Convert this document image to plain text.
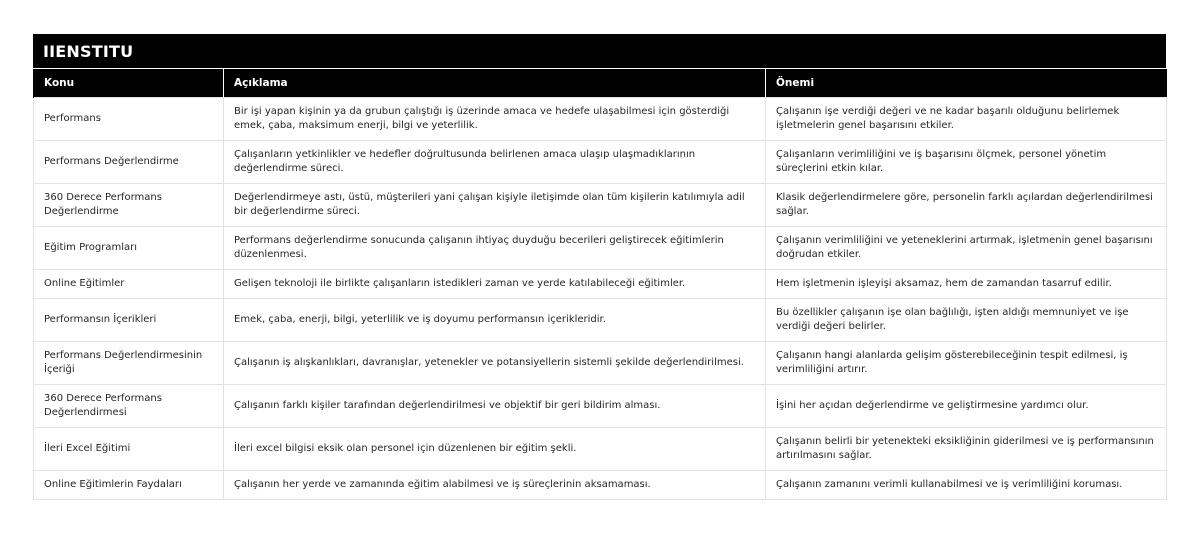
IIENSTITU
Konu	Açıklama	Önemi
Performans	Bir işi yapan kişinin ya da grubun çalıştığı iş üzerinde amaca ve hedefe ulaşabilmesi için gösterdiği emek, çaba, maksimum enerji, bilgi ve yeterlilik.	Çalışanın işe verdiği değeri ve ne kadar başarılı olduğunu belirlemek işletmelerin genel başarısını etkiler.
Performans Değerlendirme	Çalışanların yetkinlikler ve hedefler doğrultusunda belirlenen amaca ulaşıp ulaşmadıklarının değerlendirme süreci.	Çalışanların verimliliğini ve iş başarısını ölçmek, personel yönetim süreçlerini etkin kılar.
360 Derece Performans Değerlendirme	Değerlendirmeye astı, üstü, müşterileri yani çalışan kişiyle iletişimde olan tüm kişilerin katılımıyla adil bir değerlendirme süreci.	Klasik değerlendirmelere göre, personelin farklı açılardan değerlendirilmesi sağlar.
Eğitim Programları	Performans değerlendirme sonucunda çalışanın ihtiyaç duyduğu becerileri geliştirecek eğitimlerin düzenlenmesi.	Çalışanın verimliliğini ve yeteneklerini artırmak, işletmenin genel başarısını doğrudan etkiler.
Online Eğitimler	Gelişen teknoloji ile birlikte çalışanların istedikleri zaman ve yerde katılabileceği eğitimler.	Hem işletmenin işleyişi aksamaz, hem de zamandan tasarruf edilir.
Performansın İçerikleri	Emek, çaba, enerji, bilgi, yeterlilik ve iş doyumu performansın içerikleridir.	Bu özellikler çalışanın işe olan bağlılığı, işten aldığı memnuniyet ve işe verdiği değeri belirler.
Performans Değerlendirmesinin İçeriği	Çalışanın iş alışkanlıkları, davranışlar, yetenekler ve potansiyellerin sistemli şekilde değerlendirilmesi.	Çalışanın hangi alanlarda gelişim gösterebileceğinin tespit edilmesi, iş verimliliğini artırır.
360 Derece Performans Değerlendirmesi	Çalışanın farklı kişiler tarafından değerlendirilmesi ve objektif bir geri bildirim alması.	İşini her açıdan değerlendirme ve geliştirmesine yardımcı olur.
İleri Excel Eğitimi	İleri excel bilgisi eksik olan personel için düzenlenen bir eğitim şekli.	Çalışanın belirli bir yetenekteki eksikliğinin giderilmesi ve iş performansının artırılmasını sağlar.
Online Eğitimlerin Faydaları	Çalışanın her yerde ve zamanında eğitim alabilmesi ve iş süreçlerinin aksamaması.	Çalışanın zamanını verimli kullanabilmesi ve iş verimliliğini koruması.
